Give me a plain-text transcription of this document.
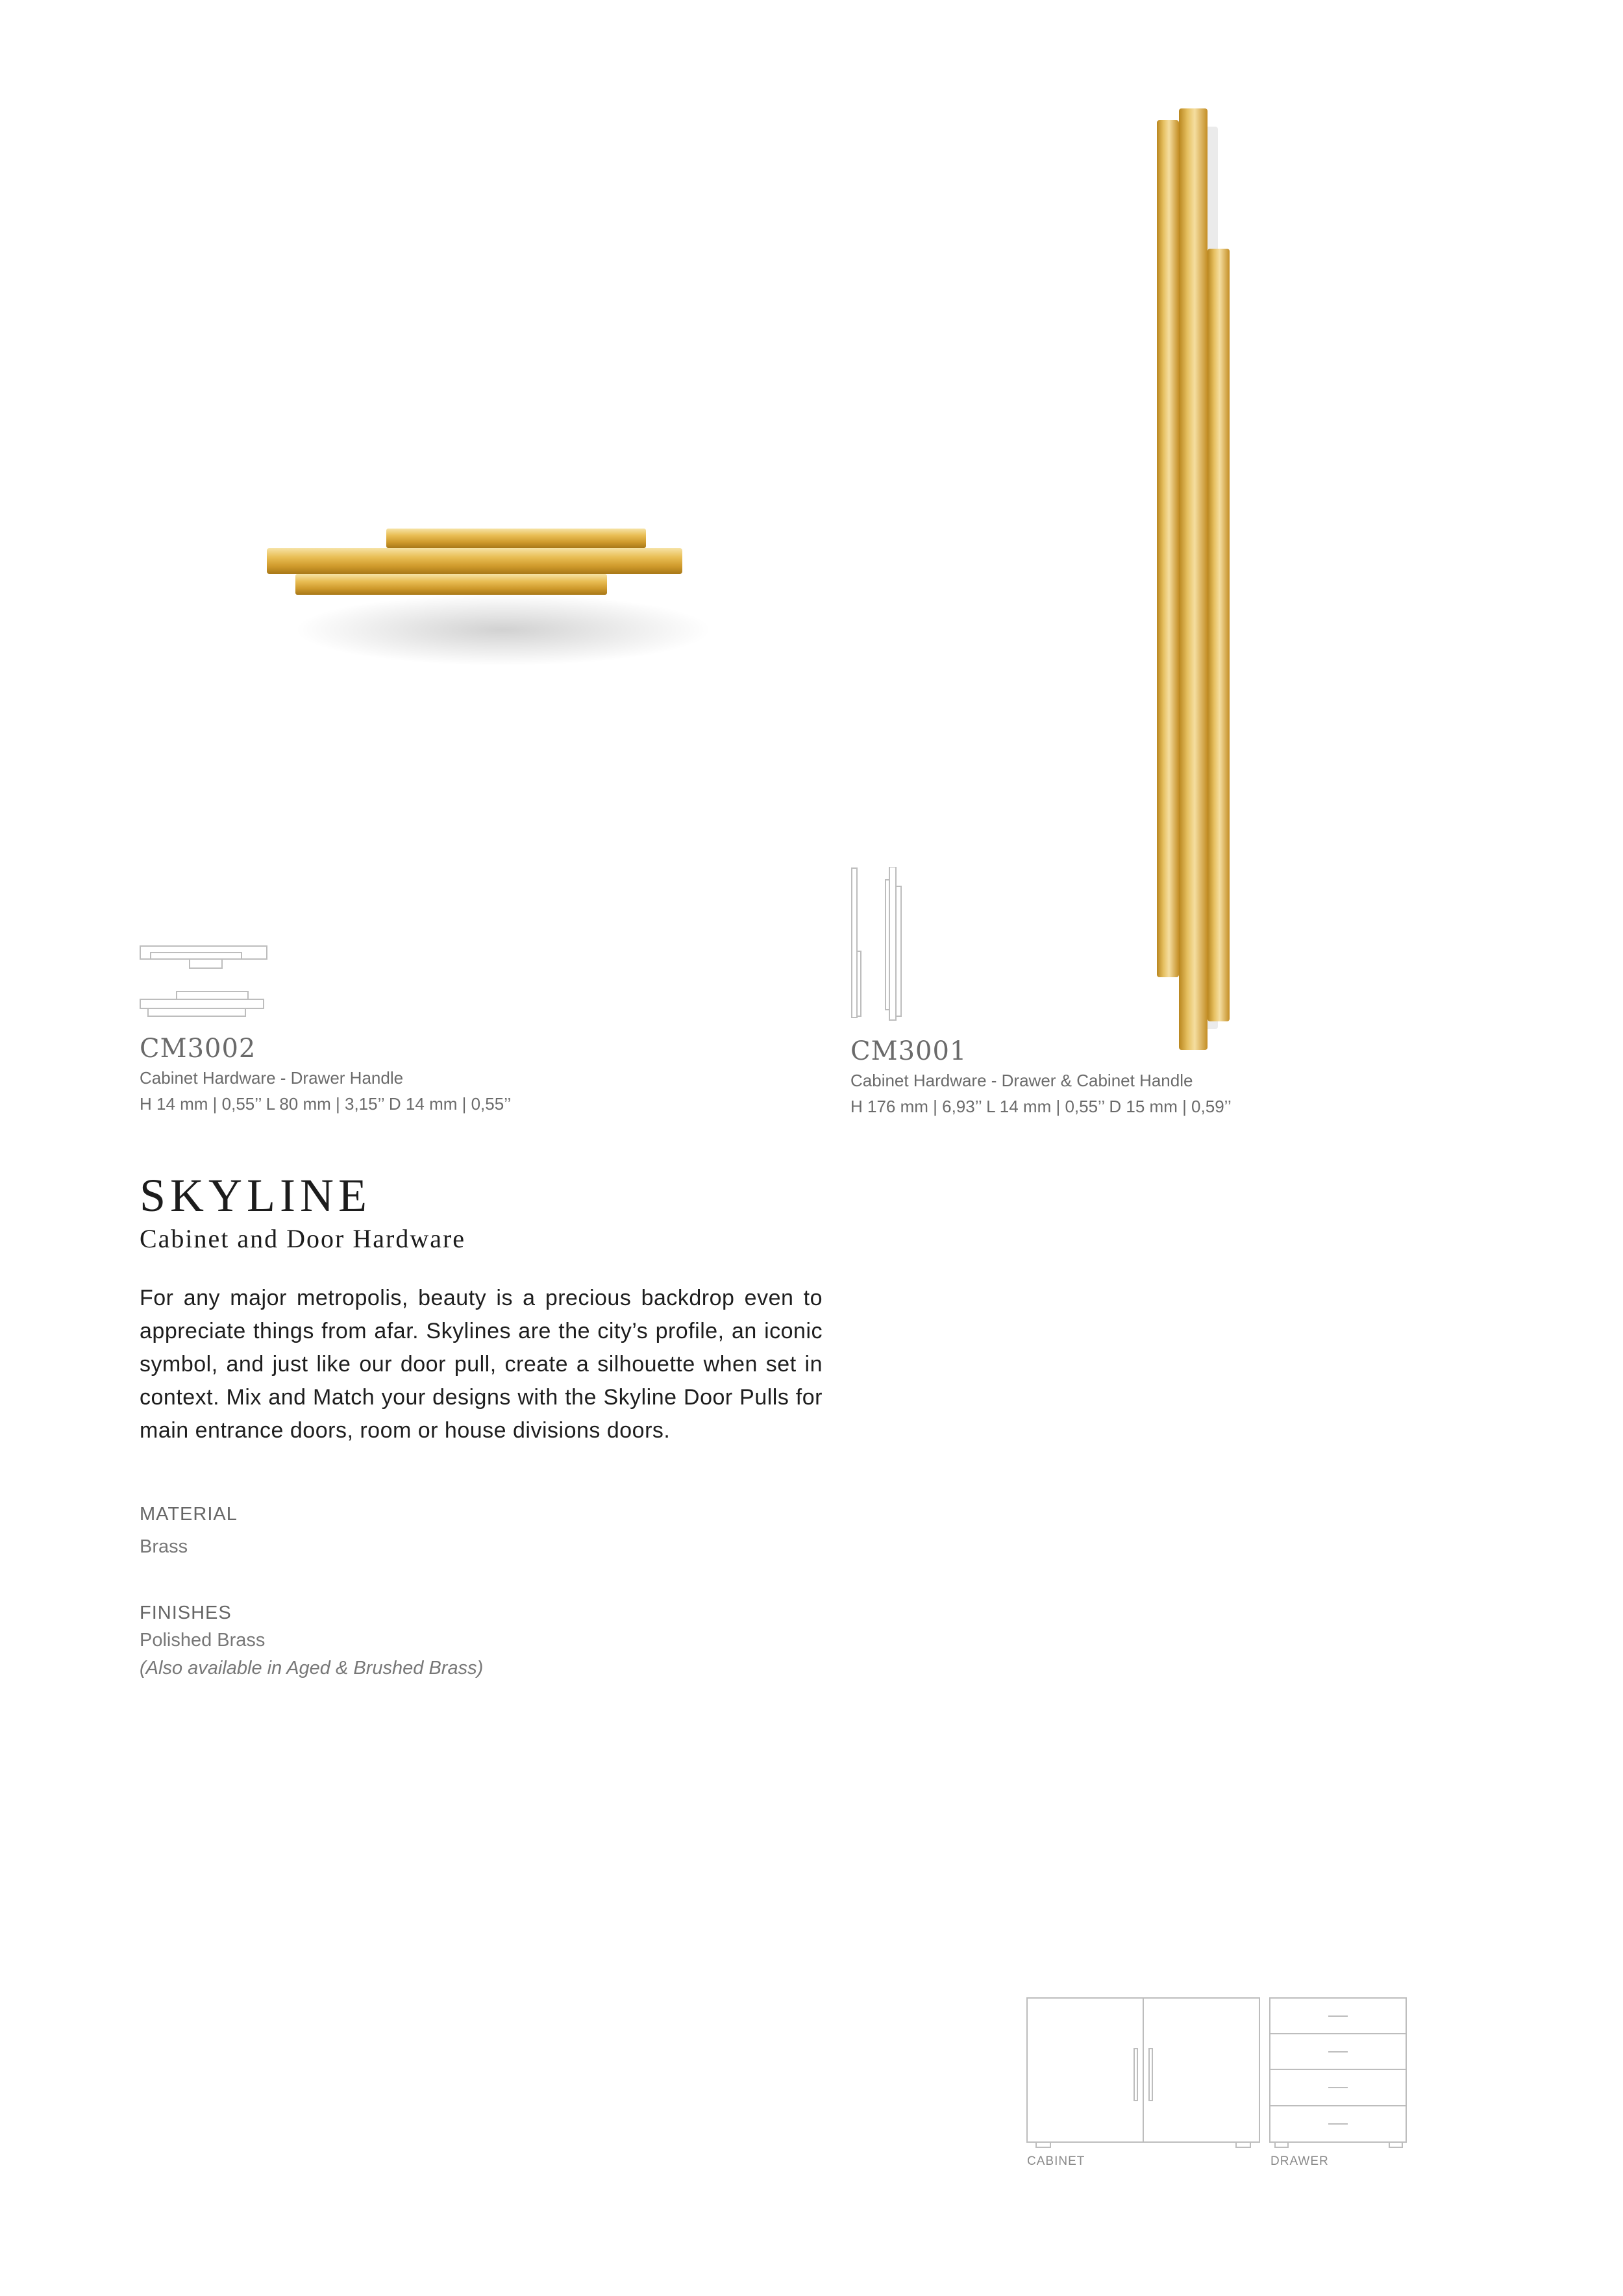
CM3002
Cabinet Hardware - Drawer Handle
H 14 mm | 0,55’’ L 80 mm | 3,15’’ D 14 mm | 0,55’’
CM3001
Cabinet Hardware - Drawer & Cabinet Handle
H 176 mm | 6,93’’ L 14 mm | 0,55’’ D 15 mm | 0,59’’
SKYLINE
Cabinet and Door Hardware
For any major metropolis, beauty is a precious backdrop even to appreciate things from afar. Skylines are the city’s profile, an iconic symbol, and just like our door pull, create a silhouette when set in context. Mix and Match your designs with the Skyline Door Pulls for main entrance doors, room or house divisions doors.
MATERIAL
Brass
FINISHES
Polished Brass
(Also available in Aged & Brushed Brass)
CABINET	DRAWER
